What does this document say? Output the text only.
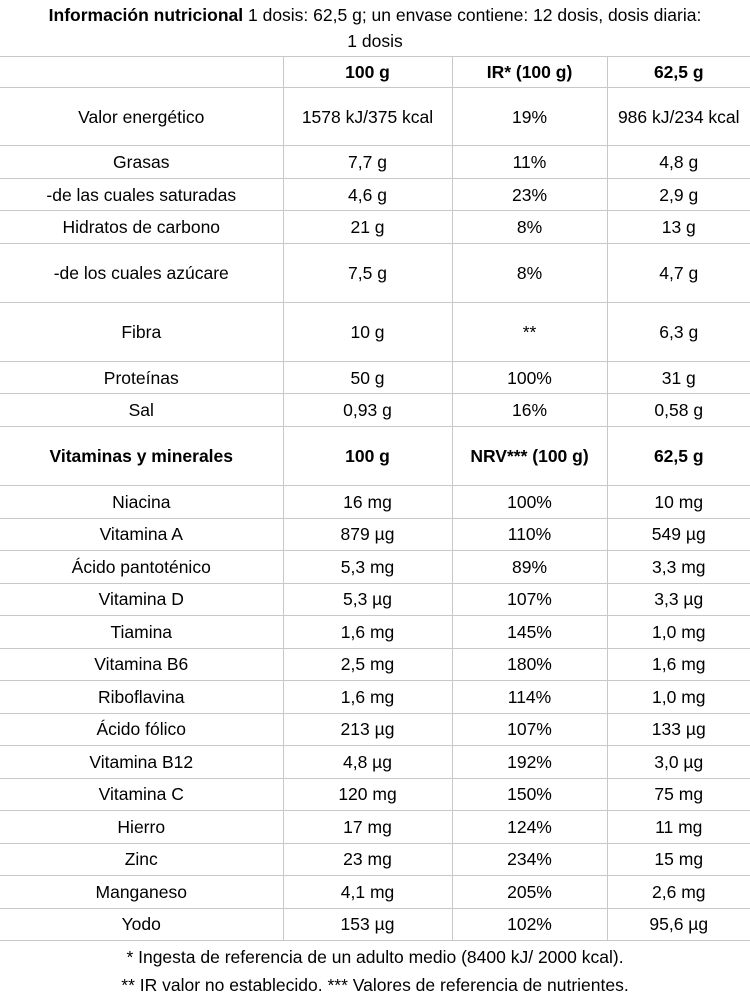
Información nutricional 1 dosis: 62,5 g; un envase contiene: 12 dosis, dosis diaria:
1 dosis
	100 g	IR* (100 g)	62,5 g
Valor energético	1578 kJ/375 kcal	19%	986 kJ/234 kcal
Grasas	7,7 g	11%	4,8 g
-de las cuales saturadas	4,6 g	23%	2,9 g
Hidratos de carbono	21 g	8%	13 g
-de los cuales azúcare	7,5 g	8%	4,7 g
Fibra	10 g	**	6,3 g
Proteínas	50 g	100%	31 g
Sal	0,93 g	16%	0,58 g
Vitaminas y minerales	100 g	NRV*** (100 g)	62,5 g
Niacina	16 mg	100%	10 mg
Vitamina A	879 µg	110%	549 µg
Ácido pantoténico	5,3 mg	89%	3,3 mg
Vitamina D	5,3 µg	107%	3,3 µg
Tiamina	1,6 mg	145%	1,0 mg
Vitamina B6	2,5 mg	180%	1,6 mg
Riboflavina	1,6 mg	114%	1,0 mg
Ácido fólico	213 µg	107%	133 µg
Vitamina B12	4,8 µg	192%	3,0 µg
Vitamina C	120 mg	150%	75 mg
Hierro	17 mg	124%	11 mg
Zinc	23 mg	234%	15 mg
Manganeso	4,1 mg	205%	2,6 mg
Yodo	153 µg	102%	95,6 µg
* Ingesta de referencia de un adulto medio (8400 kJ/ 2000 kcal).
** IR valor no establecido. *** Valores de referencia de nutrientes.
